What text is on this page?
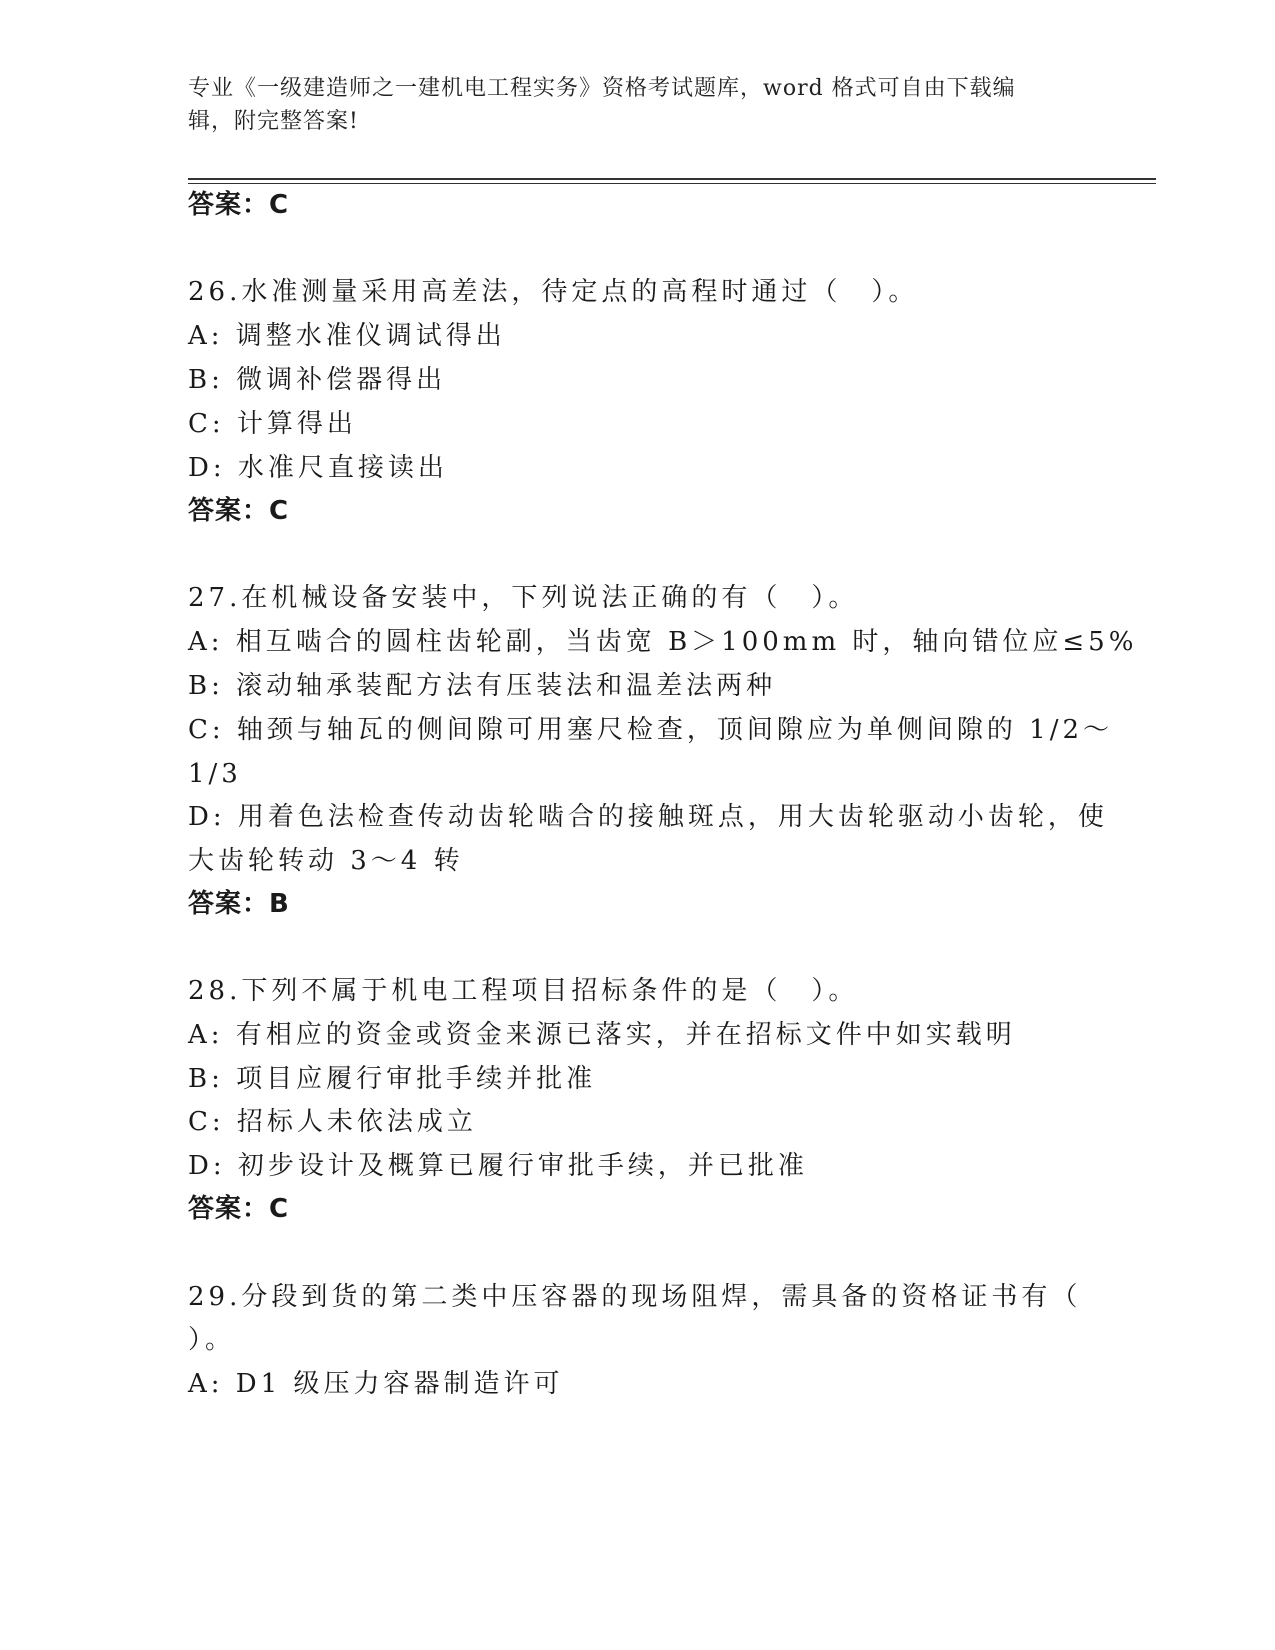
专业《一级建造师之一建机电工程实务》资格考试题库，word 格式可自由下载编
辑，附完整答案!
答案：C
26.水准测量采用高差法，待定点的高程时通过（　）。
A: 调整水准仪调试得出
B: 微调补偿器得出
C: 计算得出
D: 水准尺直接读出
答案：C
27.在机械设备安装中，下列说法正确的有（　）。
A: 相互啮合的圆柱齿轮副，当齿宽 B＞100mm 时，轴向错位应≤5%
B: 滚动轴承装配方法有压装法和温差法两种
C: 轴颈与轴瓦的侧间隙可用塞尺检查，顶间隙应为单侧间隙的 1/2～
1/3
D: 用着色法检查传动齿轮啮合的接触斑点，用大齿轮驱动小齿轮，使
大齿轮转动 3～4 转
答案：B
28.下列不属于机电工程项目招标条件的是（　）。
A: 有相应的资金或资金来源已落实，并在招标文件中如实载明
B: 项目应履行审批手续并批准
C: 招标人未依法成立
D: 初步设计及概算已履行审批手续，并已批准
答案：C
29.分段到货的第二类中压容器的现场阻焊，需具备的资格证书有（
）。
A: D1 级压力容器制造许可
